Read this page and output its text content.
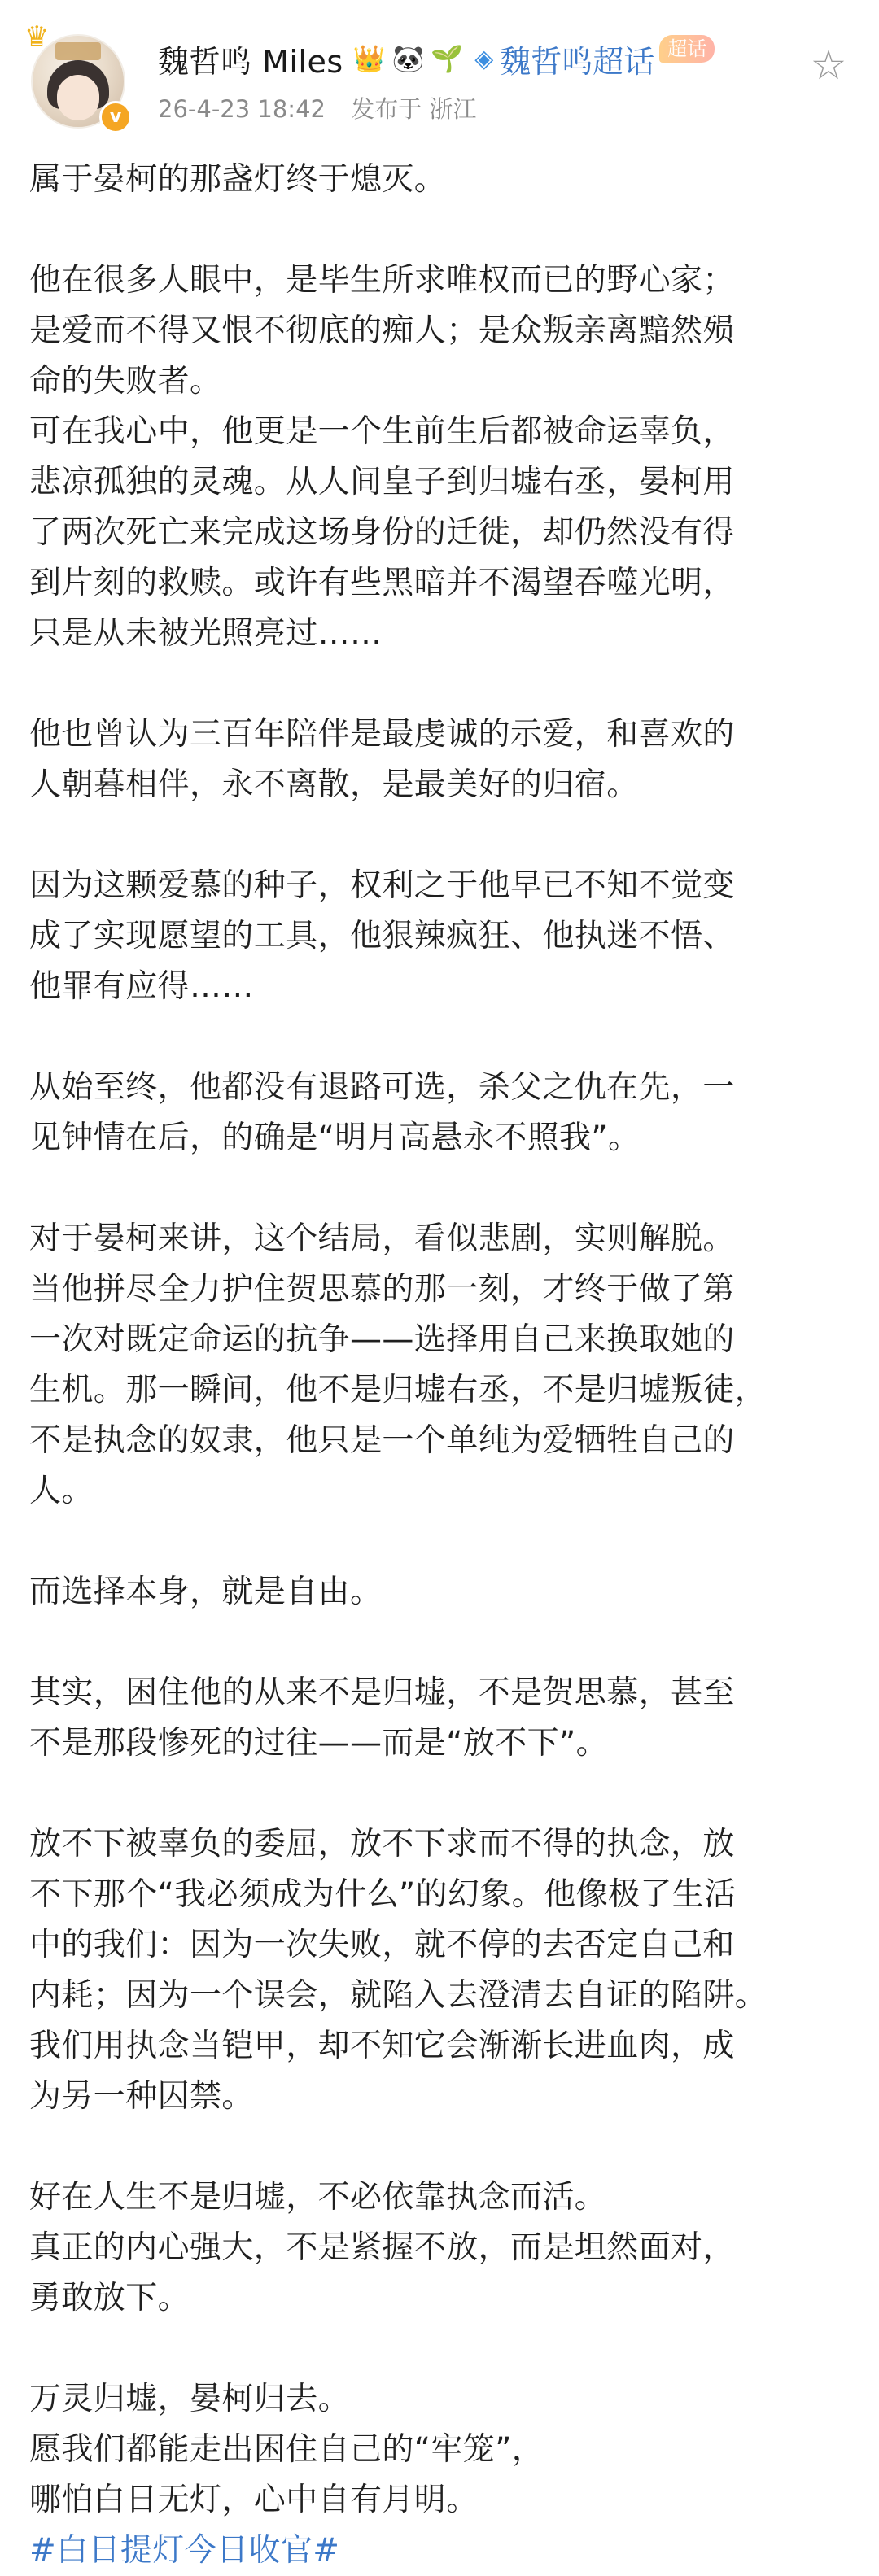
♛
v
魏哲鸣 Miles 👑 🐼 🌱 ◈ 魏哲鸣超话 超话	☆
26-4-23 18:42 发布于 浙江

属于晏柯的那盏灯终于熄灭。

他在很多人眼中，是毕生所求唯权而已的野心家；

是爱而不得又恨不彻底的痴人；是众叛亲离黯然殒

命的失败者。

可在我心中，他更是一个生前生后都被命运辜负，

悲凉孤独的灵魂。从人间皇子到归墟右丞，晏柯用

了两次死亡来完成这场身份的迁徙，却仍然没有得

到片刻的救赎。或许有些黑暗并不渴望吞噬光明，

只是从未被光照亮过……

他也曾认为三百年陪伴是最虔诚的示爱，和喜欢的

人朝暮相伴，永不离散，是最美好的归宿。

因为这颗爱慕的种子，权利之于他早已不知不觉变

成了实现愿望的工具，他狠辣疯狂、他执迷不悟、

他罪有应得……

从始至终，他都没有退路可选，杀父之仇在先，一

见钟情在后，的确是“明月高悬永不照我”。

对于晏柯来讲，这个结局，看似悲剧，实则解脱。

当他拼尽全力护住贺思慕的那一刻，才终于做了第

一次对既定命运的抗争——选择用自己来换取她的

生机。那一瞬间，他不是归墟右丞，不是归墟叛徒，

不是执念的奴隶，他只是一个单纯为爱牺牲自己的

人。

而选择本身，就是自由。

其实，困住他的从来不是归墟，不是贺思慕，甚至

不是那段惨死的过往——而是“放不下”。

放不下被辜负的委屈，放不下求而不得的执念，放

不下那个“我必须成为什么”的幻象。他像极了生活

中的我们：因为一次失败，就不停的去否定自己和

内耗；因为一个误会，就陷入去澄清去自证的陷阱。

我们用执念当铠甲，却不知它会渐渐长进血肉，成

为另一种囚禁。

好在人生不是归墟，不必依靠执念而活。

真正的内心强大，不是紧握不放，而是坦然面对，

勇敢放下。

万灵归墟，晏柯归去。

愿我们都能走出困住自己的“牢笼”，

哪怕白日无灯，心中自有月明。

#白日提灯今日收官#
